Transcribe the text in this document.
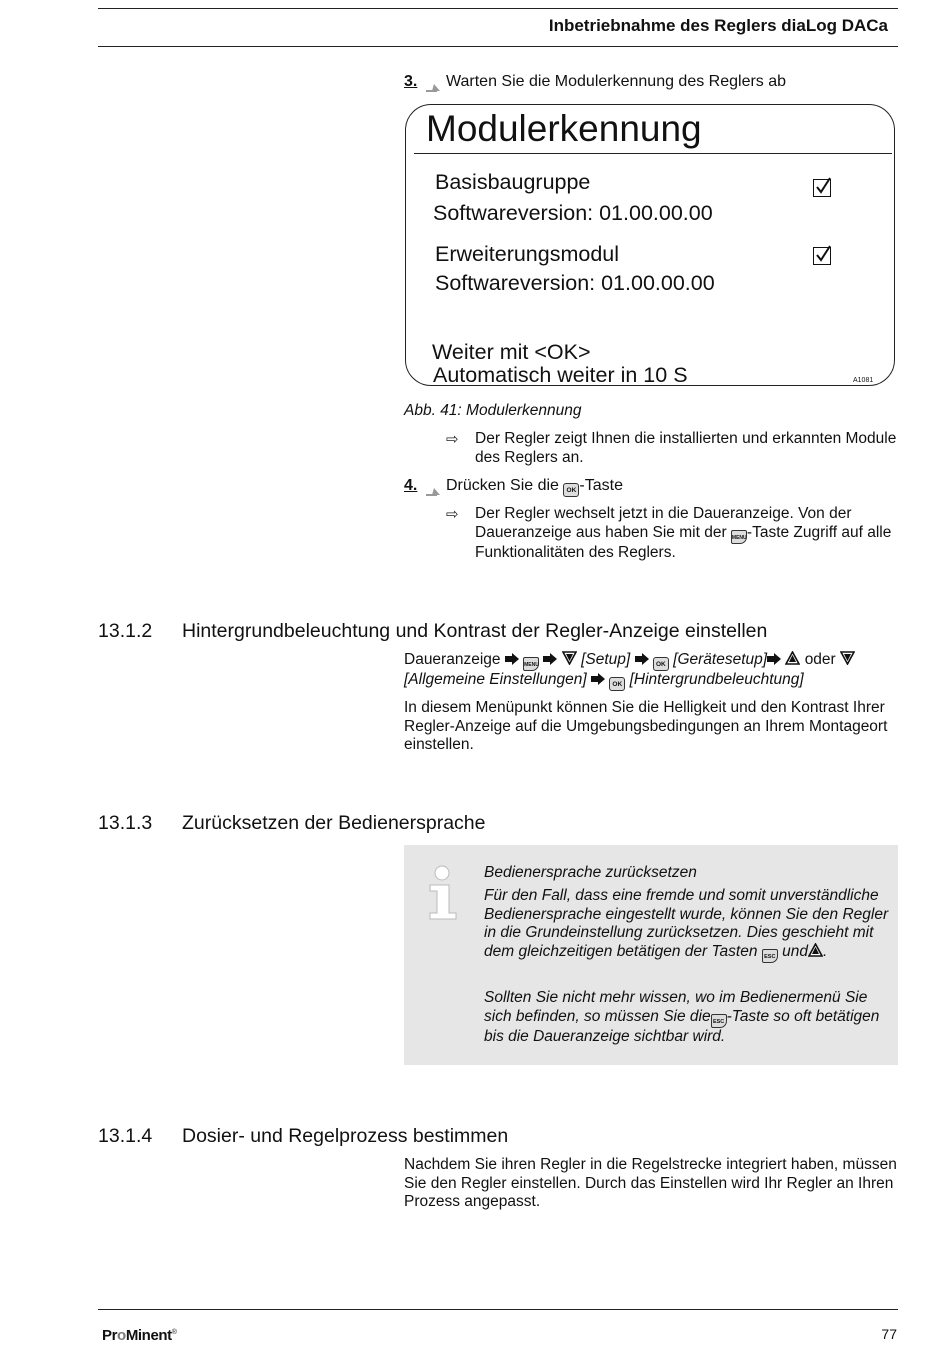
Inbetriebnahme des Reglers diaLog DACa
3. Warten Sie die Modulerkennung des Reglers ab
Modulerkennung
Basisbaugruppe
Softwareversion: 01.00.00.00
Erweiterungsmodul
Softwareversion: 01.00.00.00
Weiter mit <OK>
Automatisch weiter in 10 S	A1081
Abb. 41: Modulerkennung
⇨ Der Regler zeigt Ihnen die installierten und erkannten Module des Reglers an.
4. Drücken Sie die OK -Taste
⇨ Der Regler wechselt jetzt in die Daueranzeige. Von der Daueranzeige aus haben Sie mit der MENU-Taste Zugriff auf alle Funktionalitäten des Reglers.
13.1.2 Hintergrundbeleuchtung und Kontrast der Regler-Anzeige einstellen
Daueranzeige	MENU	[Setup]	OK [Gerätesetup] oder
[Allgemeine Einstellungen]	OK [Hintergrundbeleuchtung]
In diesem Menüpunkt können Sie die Helligkeit und den Kontrast Ihrer Regler-Anzeige auf die Umgebungsbedingungen an Ihrem Montageort einstellen.
13.1.3 Zurücksetzen der Bedienersprache
Bedienersprache zurücksetzen
Für den Fall, dass eine fremde und somit unverständliche Bedienersprache eingestellt wurde, können Sie den Regler in die Grundeinstellung zurücksetzen. Dies geschieht mit dem gleichzeitigen betätigen der Tasten ESC und .
Sollten Sie nicht mehr wissen, wo im Bedienermenü Sie sich befinden, so müssen Sie die ESC -Taste so oft betätigen bis die Daueranzeige sichtbar wird.
13.1.4 Dosier- und Regelprozess bestimmen
Nachdem Sie ihren Regler in die Regelstrecke integriert haben, müssen Sie den Regler einstellen. Durch das Einstellen wird Ihr Regler an Ihren Prozess angepasst.
ProMinent®	77
